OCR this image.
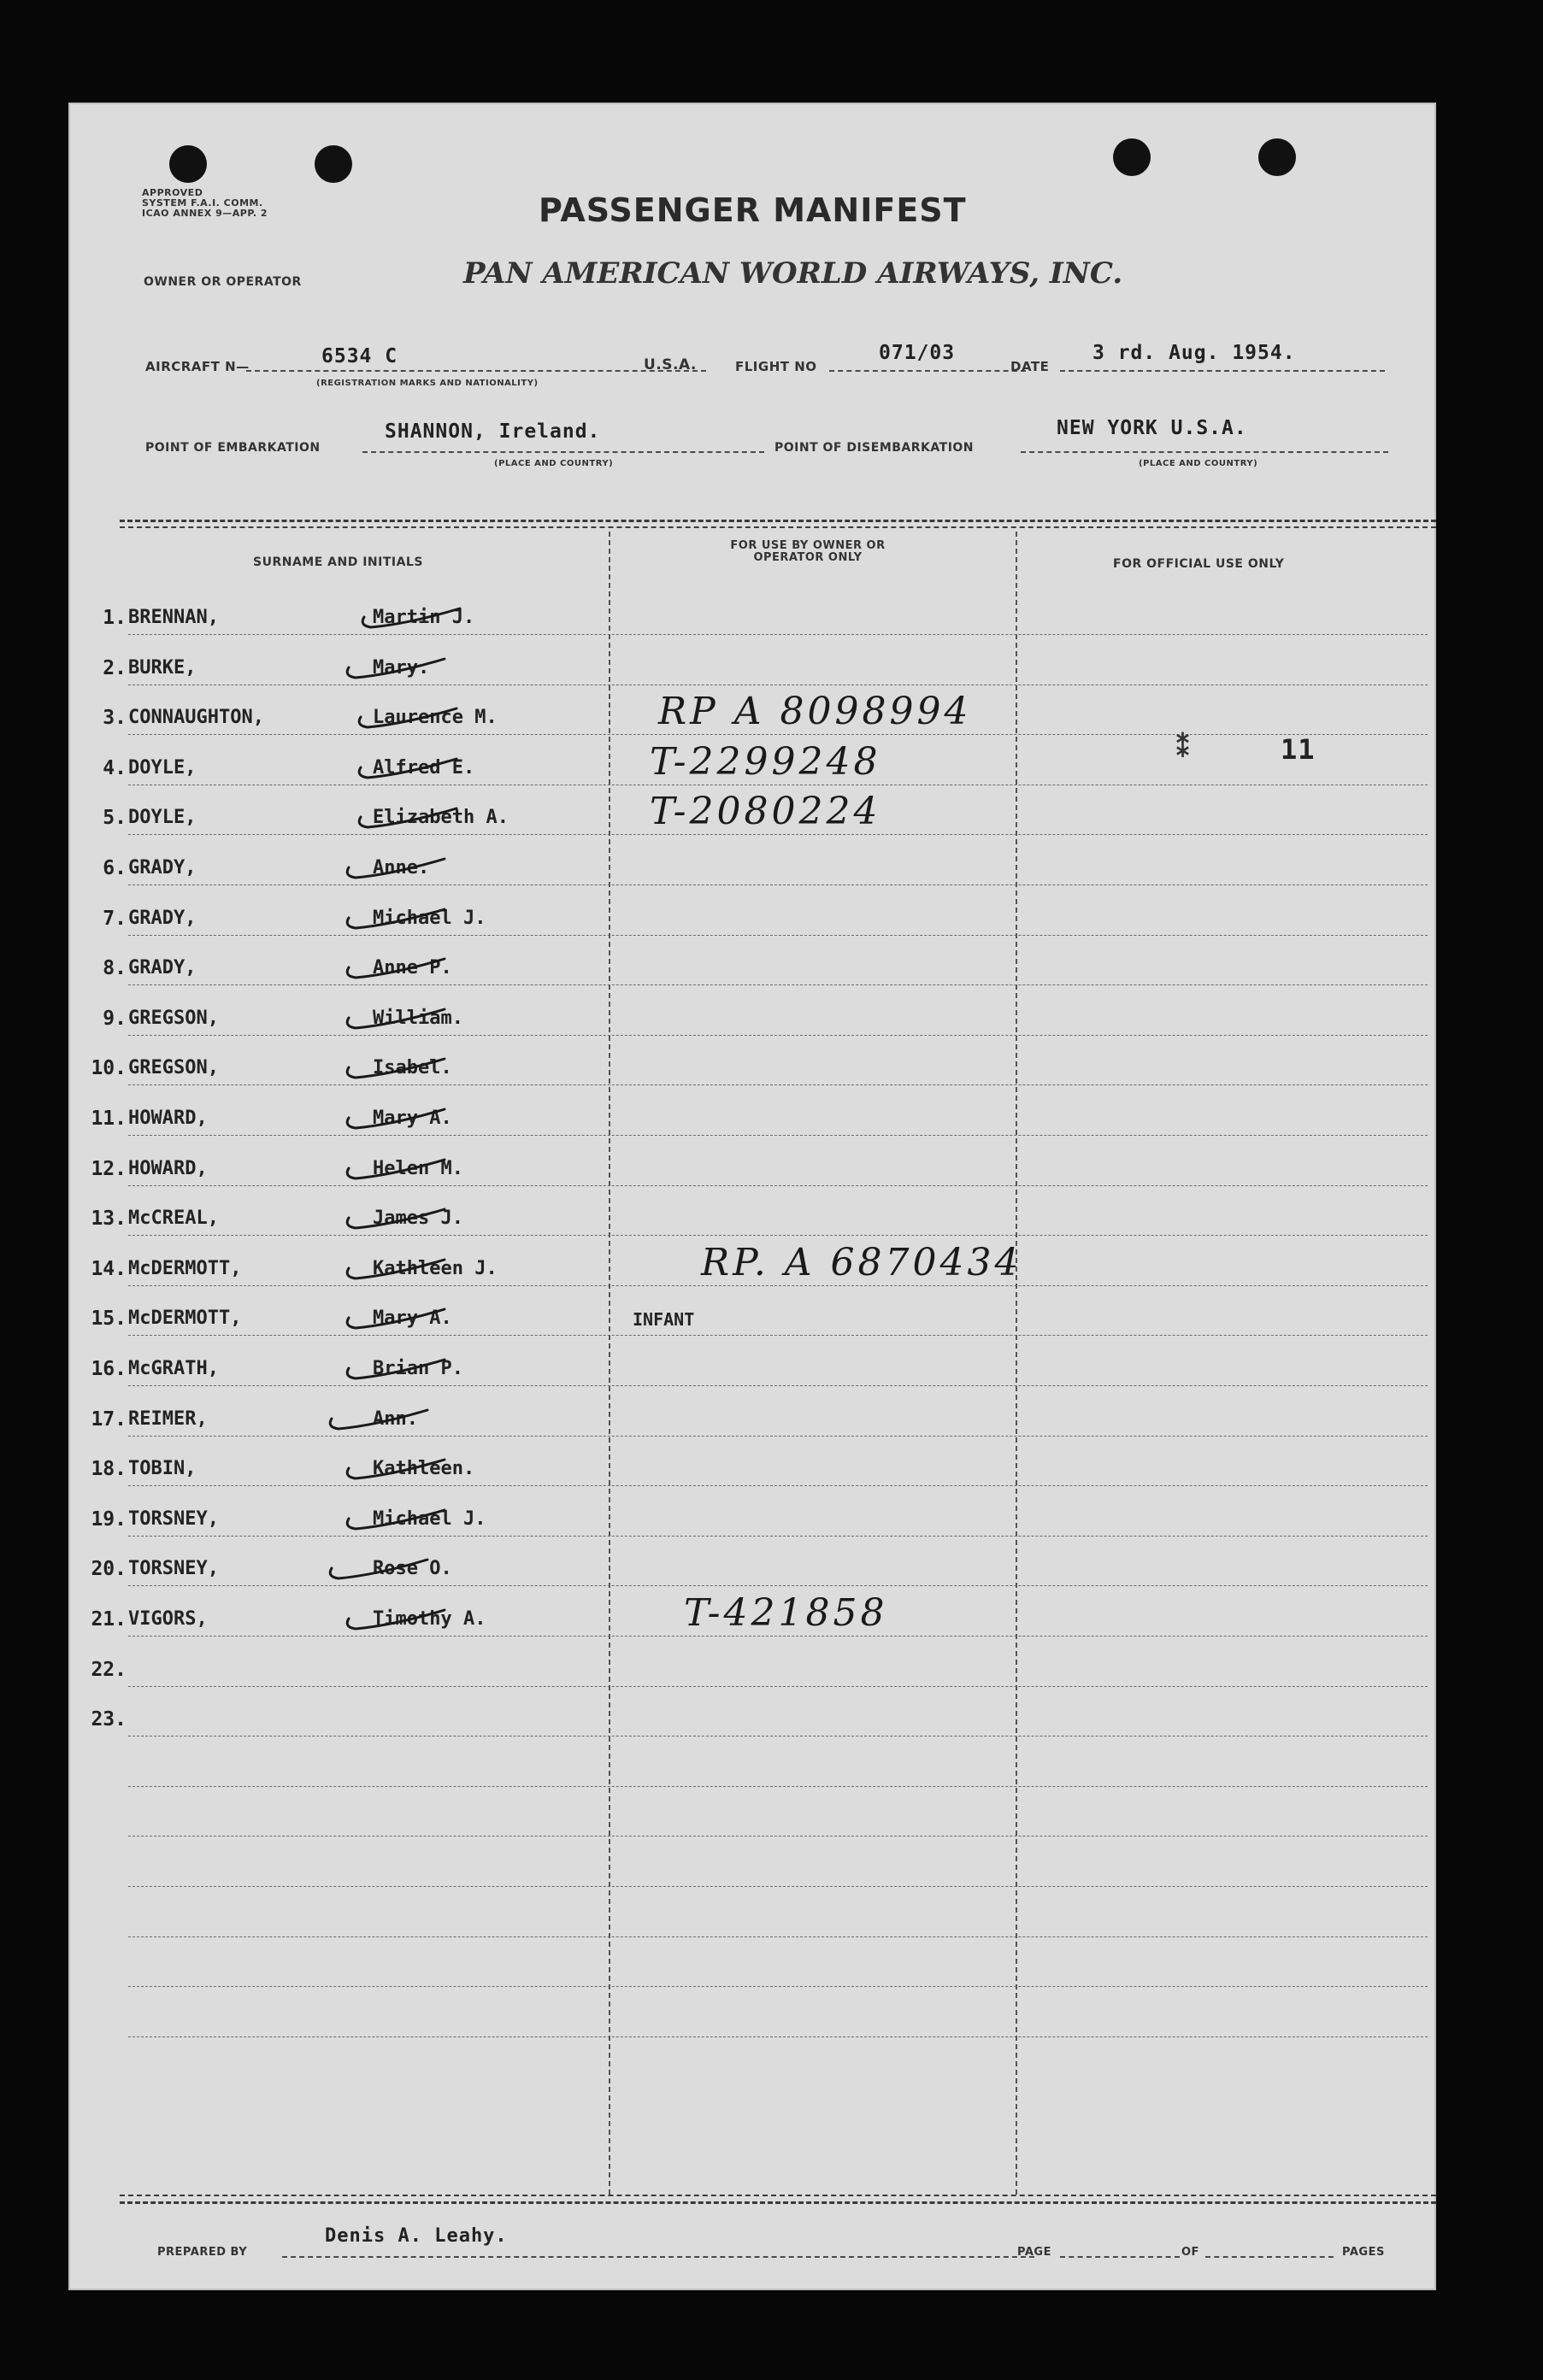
APPROVED
SYSTEM F.A.I. COMM.
ICAO ANNEX 9—APP. 2	PASSENGER MANIFEST
OWNER OR OPERATOR	PAN AMERICAN WORLD AIRWAYS, INC.
AIRCRAFT N—	6534 C
(REGISTRATION MARKS AND NATIONALITY)
U.S.A.	FLIGHT NO
071/03
DATE
3 rd. Aug. 1954.
POINT OF EMBARKATION
SHANNON, Ireland.
(PLACE AND COUNTRY)
POINT OF DISEMBARKATION
NEW YORK U.S.A.
(PLACE AND COUNTRY)
SURNAME AND INITIALS
FOR USE BY OWNER OR OPERATOR ONLY	FOR OFFICIAL USE ONLY
1. BRENNAN,	Martin J.
2. BURKE,	Mary.
3. CONNAUGHTON,	Laurence M.	RP A 8098994
4. DOYLE,	Alfred E.	T-2299248
5. DOYLE,	Elizabeth A.	T-2080224
6. GRADY,	Anne.
7. GRADY,	Michael J.
8. GRADY,	Anne P.
9. GREGSON,	William.
10. GREGSON,	Isabel.
11. HOWARD,	Mary A.
12. HOWARD,	Helen M.
13. McCREAL,	James J.
14. McDERMOTT,	Kathleen J.	RP. A 6870434
15. McDERMOTT,	Mary A.	INFANT
16. McGRATH,	Brian P.
17. REIMER,	Ann.
18. TOBIN,	Kathleen.
19. TORSNEY,	Michael J.
20. TORSNEY,	Rose O.
21. VIGORS,	Timothy A.	T-421858
22.
23.
⁑	11
PREPARED BY
Denis A. Leahy.
PAGE	OF	PAGES
